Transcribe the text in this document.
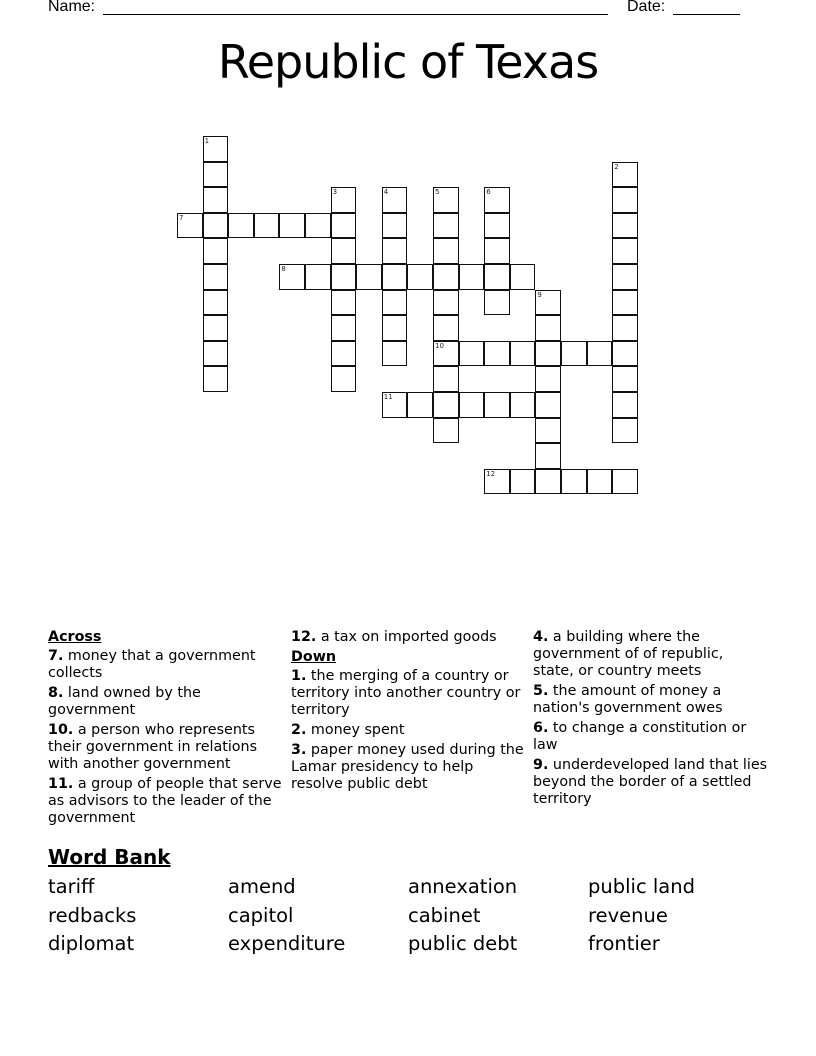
Name:	Date:
Republic of Texas
1
2
3	4	5
10
6
7
8
9
11
12
Across
7. money that a government collects
8. land owned by the government
10. a person who represents their government in relations with another government
11. a group of people that serve as advisors to the leader of the government
12. a tax on imported goods
Down
1. the merging of a country or territory into another country or territory
2. money spent
3. paper money used during the Lamar presidency to help resolve public debt
4. a building where the government of of republic, state, or country meets
5. the amount of money a nation's government owes
6. to change a constitution or law
9. underdeveloped land that lies beyond the border of a settled territory
Word Bank
tariff	amend	annexation	public land
redbacks	capitol	cabinet	revenue
diplomat	expenditure	public debt	frontier
